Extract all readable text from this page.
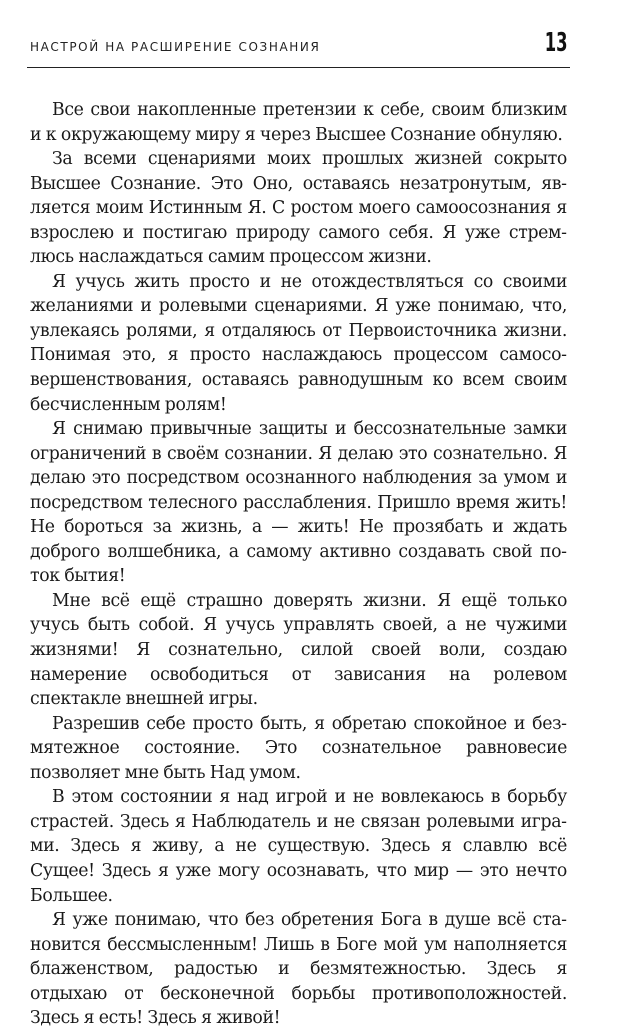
НАСТРОЙ НА РАСШИРЕНИЕ СОЗНАНИЯ	13

Все свои накопленные претензии к себе, своим близким и к окружающему миру я через Высшее Сознание обнуляю.

За всеми сценариями моих прошлых жизней сокрыто Высшее Сознание. Это Оно, оставаясь незатронутым, является моим Истинным Я. С ростом моего самоосознания я взрослею и постигаю природу самого себя. Я уже стремлюсь наслаждаться самим процессом жизни.

Я учусь жить просто и не отождествляться со своими желаниями и ролевыми сценариями. Я уже понимаю, что, увлекаясь ролями, я отдаляюсь от Первоисточника жизни. Понимая это, я просто наслаждаюсь процессом самосовершенствования, оставаясь равнодушным ко всем своим бесчисленным ролям!

Я снимаю привычные защиты и бессознательные замки ограничений в своём сознании. Я делаю это сознательно. Я делаю это посредством осознанного наблюдения за умом и посредством телесного расслабления. Пришло время жить! Не бороться за жизнь, а — жить! Не прозябать и ждать доброго волшебника, а самому активно создавать свой поток бытия!

Мне всё ещё страшно доверять жизни. Я ещё только учусь быть собой. Я учусь управлять своей, а не чужими жизнями! Я сознательно, силой своей воли, создаю намерение освободиться от зависания на ролевом спектакле внешней игры.

Разрешив себе просто быть, я обретаю спокойное и безмятежное состояние. Это сознательное равновесие позволяет мне быть Над умом.

В этом состоянии я над игрой и не вовлекаюсь в борьбу страстей. Здесь я Наблюдатель и не связан ролевыми играми. Здесь я живу, а не существую. Здесь я славлю всё Сущее! Здесь я уже могу осознавать, что мир — это нечто Большее.

Я уже понимаю, что без обретения Бога в душе всё становится бессмысленным! Лишь в Боге мой ум наполняется блаженством, радостью и безмятежностью. Здесь я отдыхаю от бесконечной борьбы противоположностей. Здесь я есть! Здесь я живой!
